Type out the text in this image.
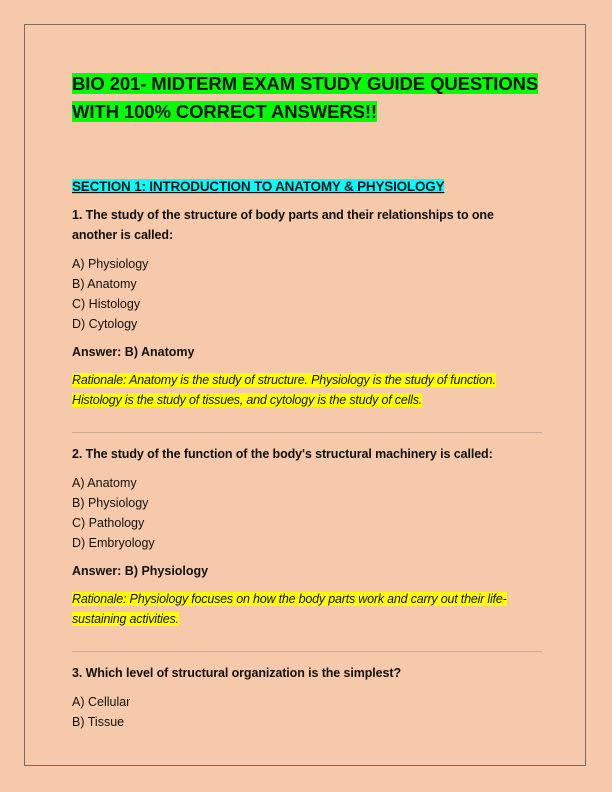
BIO 201- MIDTERM EXAM STUDY GUIDE QUESTIONS
WITH 100% CORRECT ANSWERS!!
SECTION 1: INTRODUCTION TO ANATOMY & PHYSIOLOGY

1. The study of the structure of body parts and their relationships to one
another is called:

A) Physiology
B) Anatomy
C) Histology
D) Cytology
Answer: B) Anatomy
Rationale: Anatomy is the study of structure. Physiology is the study of function.
Histology is the study of tissues, and cytology is the study of cells.

2. The study of the function of the body's structural machinery is called:

A) Anatomy
B) Physiology
C) Pathology
D) Embryology
Answer: B) Physiology
Rationale: Physiology focuses on how the body parts work and carry out their life-
sustaining activities.

3. Which level of structural organization is the simplest?

A) Cellular
B) Tissue
